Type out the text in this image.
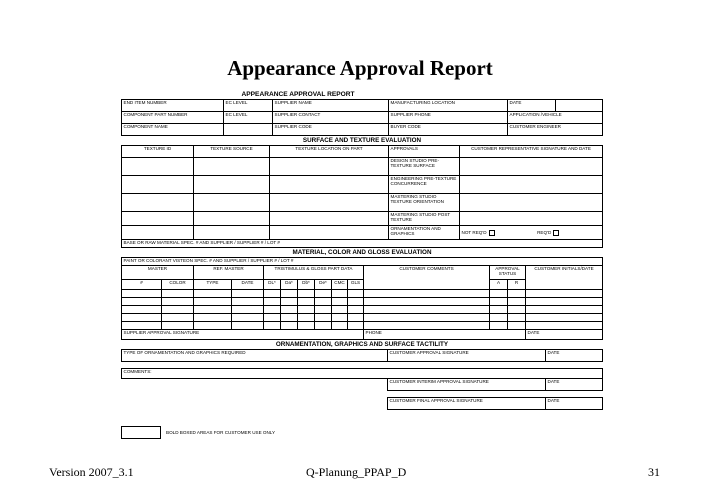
Appearance Approval Report
APPEARANCE APPROVAL REPORT					
END ITEM NUMBER	EC LEVEL	SUPPLIER NAME	MANUFACTURING LOCATION	DATE	
COMPONENT PART NUMBER	EC LEVEL	SUPPLIER CONTACT	SUPPLIER PHONE	APPLICATION /VEHICLE	
COMPONENT NAME		SUPPLIER CODE	BUYER CODE	CUSTOMER ENGINEER	
SURFACE AND TEXTURE EVALUATION				
TEXTURE ID	TEXTURE SOURCE	TEXTURE LOCATION ON PART	APPROVALS	CUSTOMER REPRESENTATIVE SIGNATURE AND DATE
			DESIGN STUDIO PRE-TEXTURE SURFACE	
			ENGINEERING PRE-TEXTURE CONCURRENCE	
			MASTERING STUDIO TEXTURE ORIENTATION	
			MASTERING STUDIO POST TEXTURE	
			ORNAMENTATION AND GRAPHICS	NOT REQ'D REQ'D
BASE OR RAW MATERIAL SPEC. # AND SUPPLIER / SUPPLIER # / LOT #				
MATERIAL, COLOR AND GLOSS EVALUATION													
PAINT OR COLORANT VISTEON SPEC. # AND SUPPLIER / SUPPLIER # / LOT #													
MASTER		REF. MASTER		TRISTIMULUS & GLOSS PART DATA						CUSTOMER COMMENTS	APPROVAL STATUS		CUSTOMER INITIALS/DATE
#	COLOR	TYPE	DATE	DL*	Da*	Db*	De*	CMC	GLS		A	R	

SUPPLIER APPROVAL SIGNATURE										PHONE			DATE
ORNAMENTATION, GRAPHICS AND SURFACE TACTILITY		
TYPE OF ORNAMENTATION AND GRAPHICS REQUIRED	CUSTOMER APPROVAL SIGNATURE	DATE

COMMENTS:		
	CUSTOMER INTERIM APPROVAL SIGNATURE	DATE

	CUSTOMER FINAL APPROVAL SIGNATURE	DATE
BOLD BOXED AREAS FOR CUSTOMER USE ONLY
Version 2007_3.1	Q-Planung_PPAP_D	31
